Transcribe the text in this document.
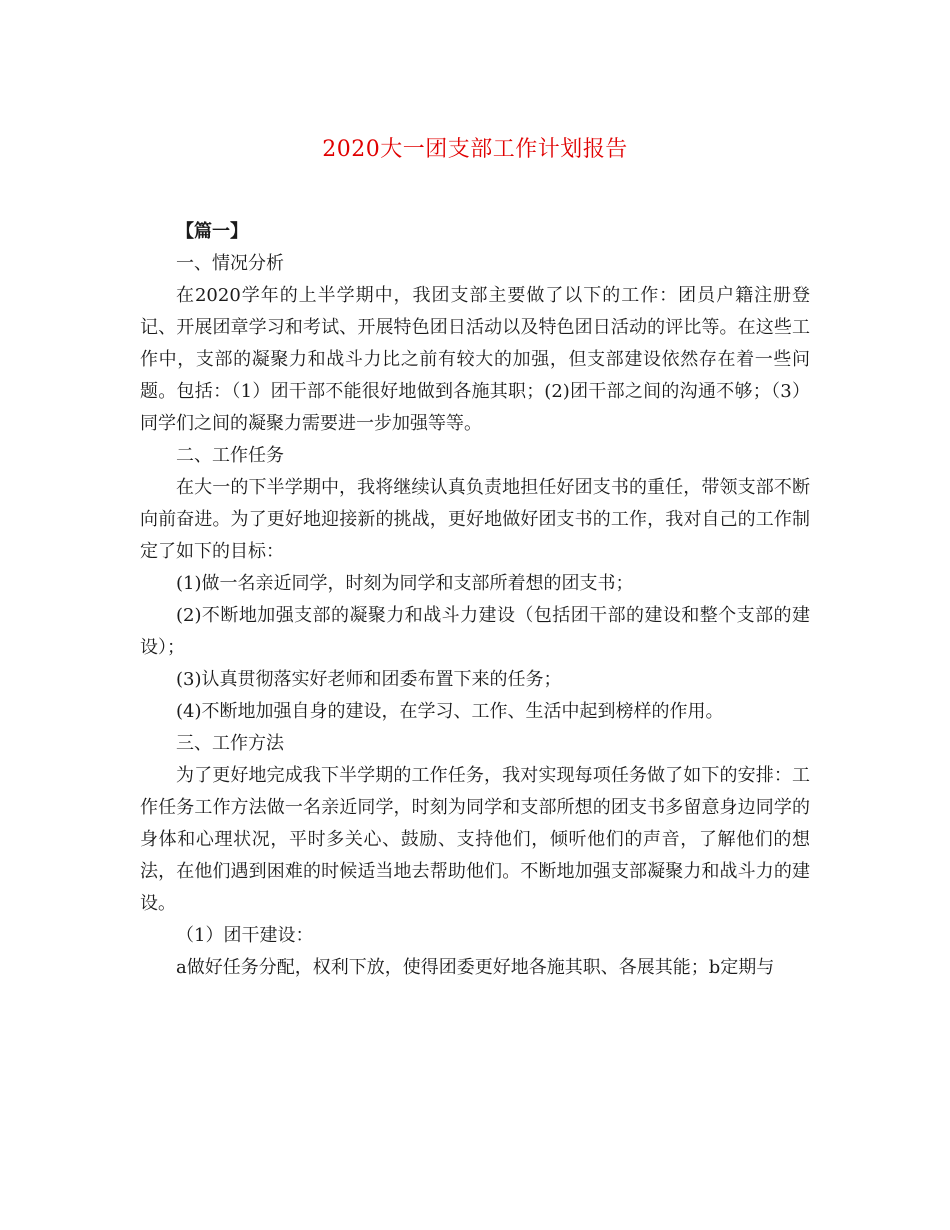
2020大一团支部工作计划报告

【篇一】

一、情况分析

在2020学年的上半学期中，我团支部主要做了以下的工作：团员户籍注册登记、开展团章学习和考试、开展特色团日活动以及特色团日活动的评比等。在这些工作中，支部的凝聚力和战斗力比之前有较大的加强，但支部建设依然存在着一些问题。包括：（1）团干部不能很好地做到各施其职；(2)团干部之间的沟通不够；（3）同学们之间的凝聚力需要进一步加强等等。

二、工作任务

在大一的下半学期中，我将继续认真负责地担任好团支书的重任，带领支部不断向前奋进。为了更好地迎接新的挑战，更好地做好团支书的工作，我对自己的工作制定了如下的目标：

(1)做一名亲近同学，时刻为同学和支部所着想的团支书；

(2)不断地加强支部的凝聚力和战斗力建设（包括团干部的建设和整个支部的建设）；

(3)认真贯彻落实好老师和团委布置下来的任务；

(4)不断地加强自身的建设，在学习、工作、生活中起到榜样的作用。

三、工作方法

为了更好地完成我下半学期的工作任务，我对实现每项任务做了如下的安排：工作任务工作方法做一名亲近同学，时刻为同学和支部所想的团支书多留意身边同学的身体和心理状况，平时多关心、鼓励、支持他们，倾听他们的声音，了解他们的想法，在他们遇到困难的时候适当地去帮助他们。不断地加强支部凝聚力和战斗力的建设。

（1）团干建设：

a做好任务分配，权利下放，使得团委更好地各施其职、各展其能；b定期与
